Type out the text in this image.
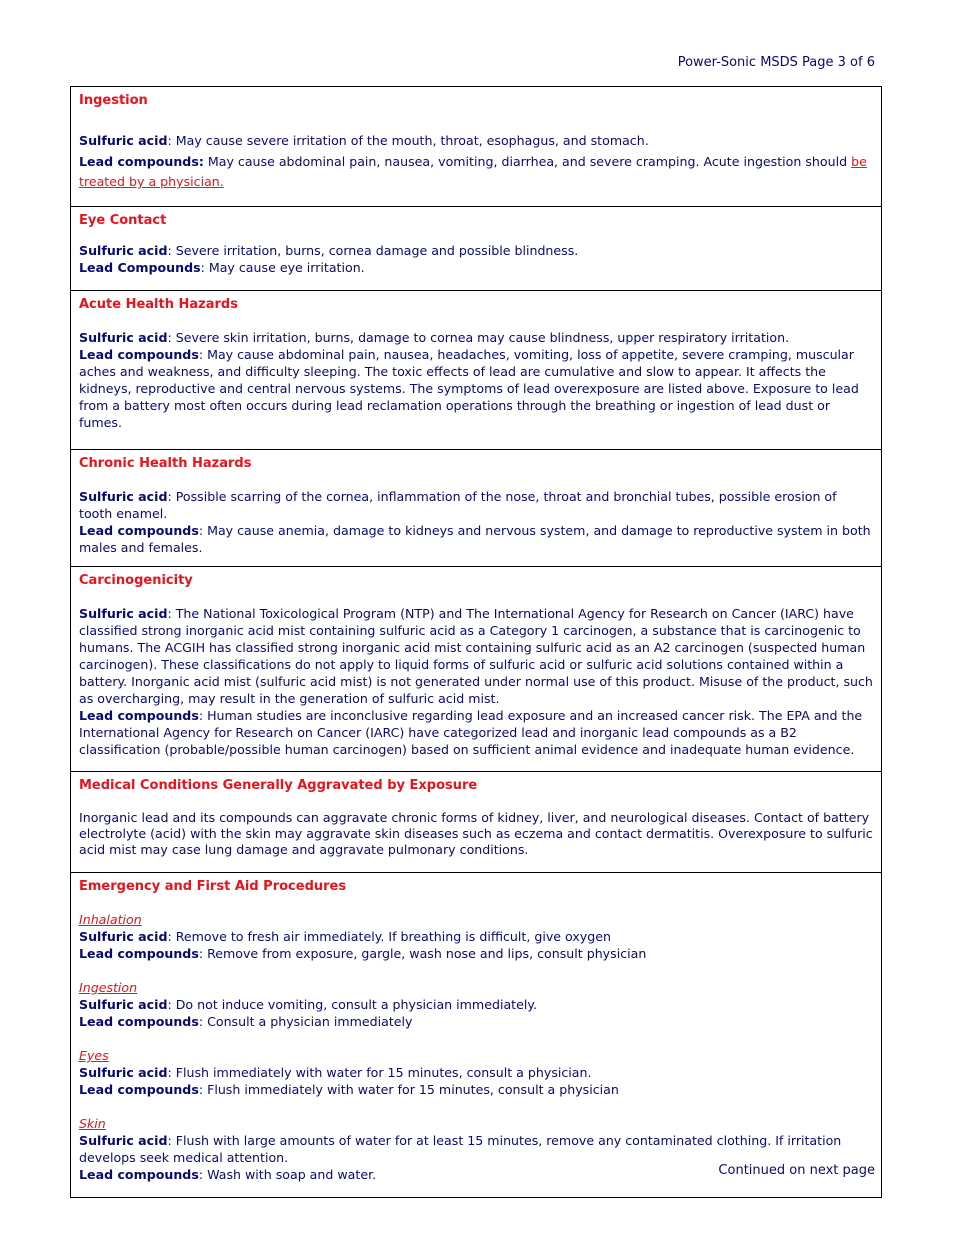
Power-Sonic MSDS Page 3 of 6
Ingestion

Sulfuric acid: May cause severe irritation of the mouth, throat, esophagus, and stomach.

Lead compounds: May cause abdominal pain, nausea, vomiting, diarrhea, and severe cramping. Acute ingestion should be treated by a physician.

Eye Contact

Sulfuric acid: Severe irritation, burns, cornea damage and possible blindness.

Lead Compounds: May cause eye irritation.

Acute Health Hazards

Sulfuric acid: Severe skin irritation, burns, damage to cornea may cause blindness, upper respiratory irritation.

Lead compounds: May cause abdominal pain, nausea, headaches, vomiting, loss of appetite, severe cramping, muscular aches and weakness, and difficulty sleeping. The toxic effects of lead are cumulative and slow to appear. It affects the kidneys, reproductive and central nervous systems. The symptoms of lead overexposure are listed above. Exposure to lead from a battery most often occurs during lead reclamation operations through the breathing or ingestion of lead dust or fumes.

Chronic Health Hazards

Sulfuric acid: Possible scarring of the cornea, inflammation of the nose, throat and bronchial tubes, possible erosion of tooth enamel.

Lead compounds: May cause anemia, damage to kidneys and nervous system, and damage to reproductive system in both males and females.

Carcinogenicity

Sulfuric acid: The National Toxicological Program (NTP) and The International Agency for Research on Cancer (IARC) have classified strong inorganic acid mist containing sulfuric acid as a Category 1 carcinogen, a substance that is carcinogenic to humans. The ACGIH has classified strong inorganic acid mist containing sulfuric acid as an A2 carcinogen (suspected human carcinogen). These classifications do not apply to liquid forms of sulfuric acid or sulfuric acid solutions contained within a battery. Inorganic acid mist (sulfuric acid mist) is not generated under normal use of this product. Misuse of the product, such as overcharging, may result in the generation of sulfuric acid mist.

Lead compounds: Human studies are inconclusive regarding lead exposure and an increased cancer risk. The EPA and the International Agency for Research on Cancer (IARC) have categorized lead and inorganic lead compounds as a B2 classification (probable/possible human carcinogen) based on sufficient animal evidence and inadequate human evidence.

Medical Conditions Generally Aggravated by Exposure

Inorganic lead and its compounds can aggravate chronic forms of kidney, liver, and neurological diseases. Contact of battery electrolyte (acid) with the skin may aggravate skin diseases such as eczema and contact dermatitis. Overexposure to sulfuric acid mist may case lung damage and aggravate pulmonary conditions.

Emergency and First Aid Procedures
Inhalation

Sulfuric acid: Remove to fresh air immediately. If breathing is difficult, give oxygen

Lead compounds: Remove from exposure, gargle, wash nose and lips, consult physician

Ingestion

Sulfuric acid: Do not induce vomiting, consult a physician immediately.

Lead compounds: Consult a physician immediately

Eyes

Sulfuric acid: Flush immediately with water for 15 minutes, consult a physician.

Lead compounds: Flush immediately with water for 15 minutes, consult a physician

Skin

Sulfuric acid: Flush with large amounts of water for at least 15 minutes, remove any contaminated clothing. If irritation develops seek medical attention.

Lead compounds: Wash with soap and water.	Continued on next page
